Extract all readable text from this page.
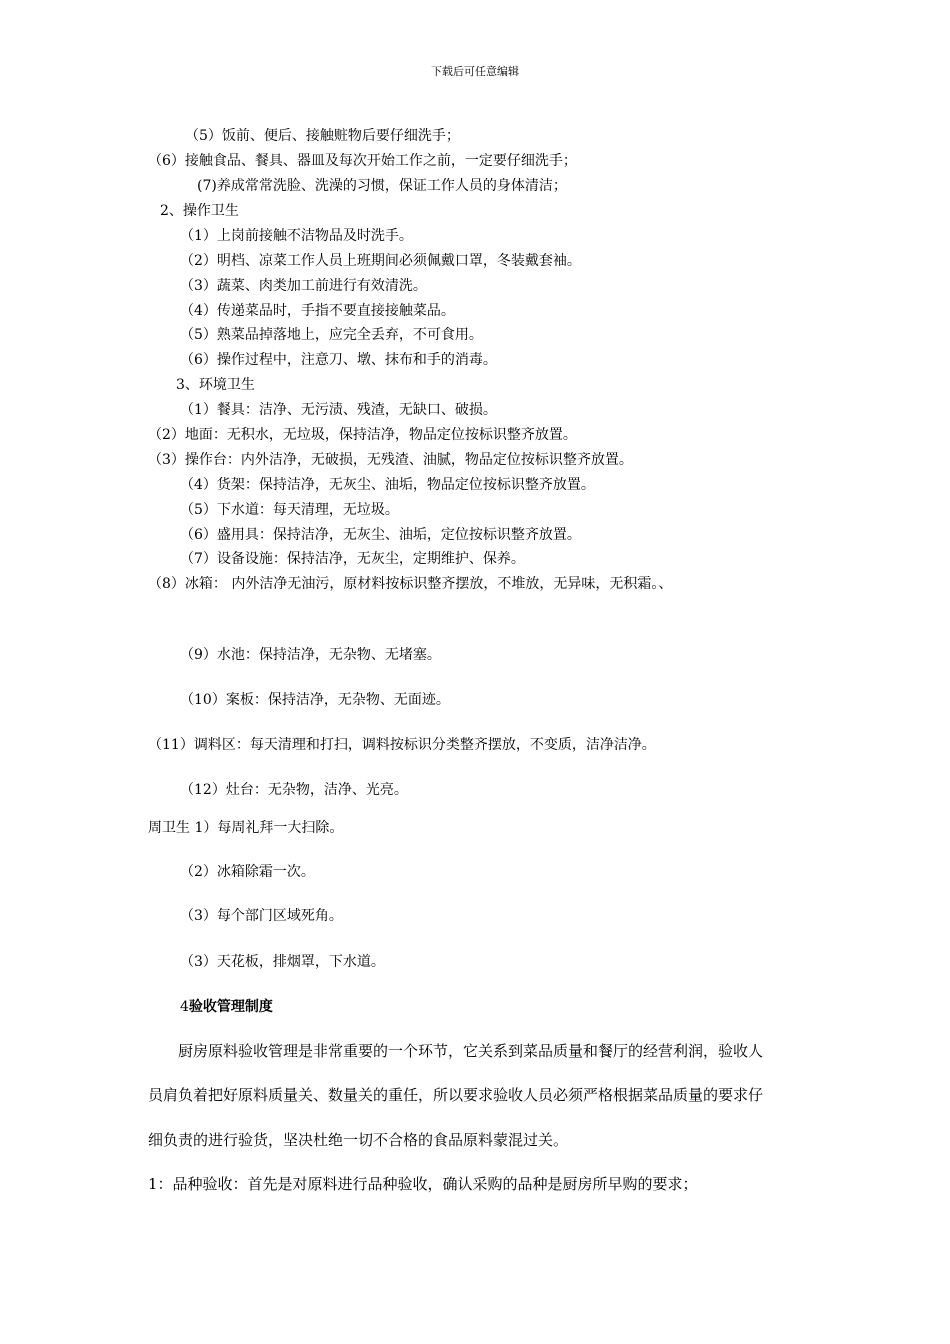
下载后可任意编辑
（5）饭前、便后、接触赃物后要仔细洗手；
（6）接触食品、餐具、器皿及每次开始工作之前，一定要仔细洗手；
(7)养成常常洗脸、洗澡的习惯，保证工作人员的身体清洁；
2、操作卫生
（1）上岗前接触不洁物品及时洗手。
（2）明档、凉菜工作人员上班期间必须佩戴口罩，冬装戴套袖。
（3）蔬菜、肉类加工前进行有效清洗。
（4）传递菜品时，手指不要直接接触菜品。
（5）熟菜品掉落地上，应完全丢弃，不可食用。
（6）操作过程中，注意刀、墩、抹布和手的消毒。
3、环境卫生
（1）餐具：洁净、无污渍、残渣，无缺口、破损。
（2）地面：无积水，无垃圾，保持洁净，物品定位按标识整齐放置。
（3）操作台：内外洁净，无破损，无残渣、油腻，物品定位按标识整齐放置。
（4）货架：保持洁净，无灰尘、油垢，物品定位按标识整齐放置。
（5）下水道：每天清理，无垃圾。
（6）盛用具：保持洁净，无灰尘、油垢，定位按标识整齐放置。
（7）设备设施：保持洁净，无灰尘，定期维护、保养。
（8）冰箱： 内外洁净无油污，原材料按标识整齐摆放，不堆放，无异味，无积霜。、
（9）水池：保持洁净，无杂物、无堵塞。
（10）案板：保持洁净，无杂物、无面迹。
（11）调料区：每天清理和打扫，调料按标识分类整齐摆放，不变质，洁净洁净。
（12）灶台：无杂物，洁净、光亮。
周卫生 1）每周礼拜一大扫除。
（2）冰箱除霜一次。
（3）每个部门区域死角。
（3）天花板，排烟罩，下水道。
4验收管理制度
厨房原料验收管理是非常重要的一个环节，它关系到菜品质量和餐厅的经营利润，验收人
员肩负着把好原料质量关、数量关的重任，所以要求验收人员必须严格根据菜品质量的要求仔
细负责的进行验货，坚决杜绝一切不合格的食品原料蒙混过关。
1：品种验收：首先是对原料进行品种验收，确认采购的品种是厨房所早购的要求；
